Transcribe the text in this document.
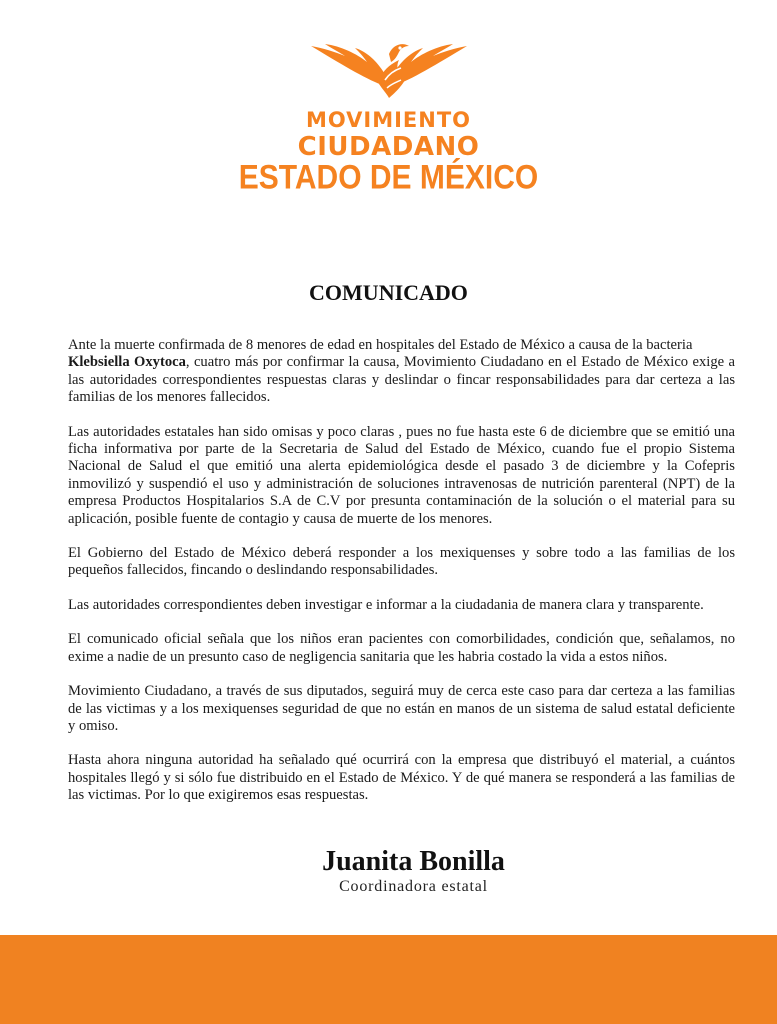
MOVIMIENTO
CIUDADANO
ESTADO DE MÉXICO
COMUNICADO

Ante la muerte confirmada de 8 menores de edad en hospitales del Estado de México a causa de la bacteria
Klebsiella Oxytoca, cuatro más por confirmar la causa, Movimiento Ciudadano en el Estado de México exige a las autoridades correspondientes respuestas claras y deslindar o fincar responsabilidades para dar certeza a las familias de los menores fallecidos.

Las autoridades estatales han sido omisas y poco claras , pues no fue hasta este 6 de diciembre que se emitió una ficha informativa por parte de la Secretaria de Salud del Estado de México, cuando fue el propio Sistema Nacional de Salud el que emitió una alerta epidemiológica desde el pasado 3 de diciembre y la Cofepris inmovilizó y suspendió el uso y administración de soluciones intravenosas de nutrición parenteral (NPT) de la empresa Productos Hospitalarios S.A de C.V por presunta contaminación de la solución o el material para su aplicación, posible fuente de contagio y causa de muerte de los menores.

El Gobierno del Estado de México deberá responder a los mexiquenses y sobre todo a las familias de los pequeños fallecidos, fincando o deslindando responsabilidades.

Las autoridades correspondientes deben investigar e informar a la ciudadania de manera clara y transparente.

El comunicado oficial señala que los niños eran pacientes con comorbilidades, condición que, señalamos, no exime a nadie de un presunto caso de negligencia sanitaria que les habria costado la vida a estos niños.

Movimiento Ciudadano, a través de sus diputados, seguirá muy de cerca este caso para dar certeza a las familias de las victimas y a los mexiquenses seguridad de que no están en manos de un sistema de salud estatal deficiente y omiso.

Hasta ahora ninguna autoridad ha señalado qué ocurrirá con la empresa que distribuyó el material, a cuántos hospitales llegó y si sólo fue distribuido en el Estado de México. Y de qué manera se responderá a las familias de las victimas. Por lo que exigiremos esas respuestas.

Juanita Bonilla
Coordinadora estatal
